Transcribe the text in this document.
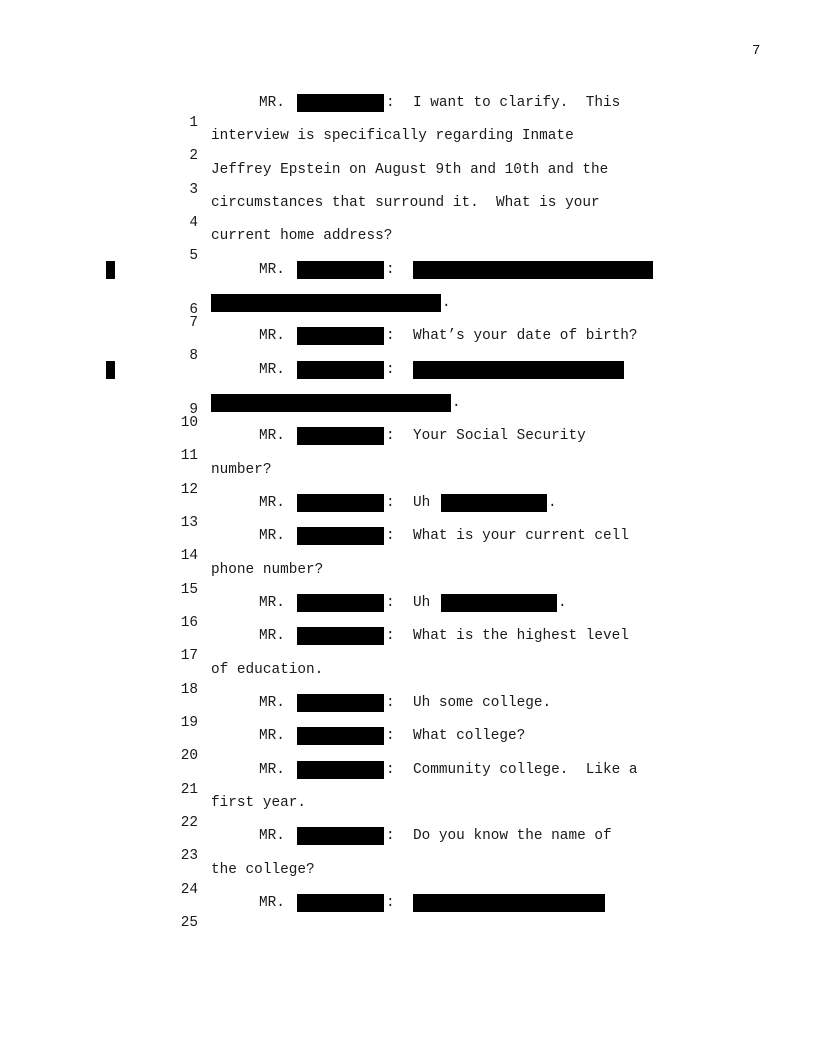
7

1

MR.

	:

I want to clarify.  This

2

interview is specifically regarding Inmate

3

Jeffrey Epstein on August 9th and 10th and the

4

circumstances that surround it.  What is your

5

current home address?

6

MR.

	:

7

.

8

MR.

	:

What’s your date of birth?

9

MR.

	:

10

.

11

MR.

	:

Your Social Security

12

number?

13

MR.

	:

Uh

	.

14

MR.

	:

What is your current cell

15

phone number?

16

MR.

	:

Uh

	.

17

MR.

	:

What is the highest level

18

of education.

19

MR.

	:

Uh some college.

20

MR.

	:

What college?

21

MR.

	:

Community college.  Like a

22

first year.

23

MR.

	:

Do you know the name of

24

the college?

25

MR.

	:
